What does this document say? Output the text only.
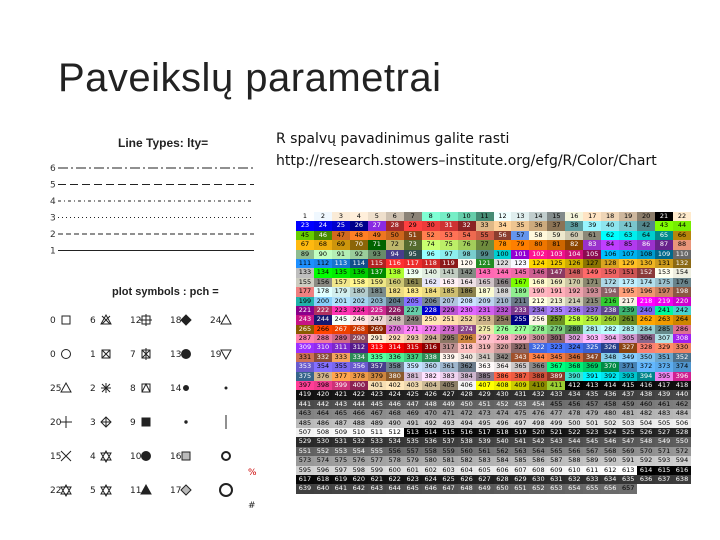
Paveikslų parametrai
R spalvų pavadinimus galite rasti
http://research.stowers–institute.org/efg/R/Color/Chart
Line Types: lty=
6
5
4
3
2
1
plot symbols : pch =
0	6	12	18	24
0	1	7	13	19
25	2	8	14
20	3	9
15	4	10	16
22	5	11	17
%
#
1	2	3	4	5	6	7	8	9	10	11	12	13	14	15	16	17	18	19	20	21	22
23	24	25	26	27	28	29	30	31	32	33	34	35	36	37	38	39	40	41	42	43	44
45	46	47	48	49	50	51	52	53	54	55	56	57	58	59	60	61	62	63	64	65	66
67	68	69	70	71	72	73	74	75	76	77	78	79	80	81	82	83	84	85	86	87	88
89	90	91	92	93	94	95	96	97	98	99	100 101 102 103 104 105 106 107 108 109 110
111 112 113 114 115 116 117 118 119 120 121 122 123 124 125 126 127 128 129 130 131 132
133 134 135 136 137 138 139 140 141 142 143 144 145 146 147 148 149 150 151 152 153 154
155 156 157 158 159 160 161 162 163 164 165 166 167 168 169 170 171 172 173 174 175 176
177 178 179 180 181 182 183 184 185 186 187 188 189 190 191 192 193 194 195 196 197 198
199 200 201 202 203 204 205 206 207 208 209 210 211 212 213 214 215 216 217 218 219 220
221 222 223 224 225 226 227 228 229 230 231 232 233 234 235 236 237 238 239 240 241 242
243 244 245 246 247 248 249 250 251 252 253 254 255 256 257 258 259 260 261 262 263 264
265 266 267 268 269 270 271 272 273 274 275 276 277 278 279 280 281 282 283 284 285 286
287 288 289 290 291 292 293 294 295 296 297 298 299 300 301 302 303 304 305 306 307 308
309 310 311 312 313 314 315 316 317 318 319 320 321 322 323 324 325 326 327 328 329 330
331 332 333 334 335 336 337 338 339 340 341 342 343 344 345 346 347 348 349 350 351 352
353 354 355 356 357 358 359 360 361 362 363 364 365 366 367 368 369 370 371 372 373 374
375 376 377 378 379 380 381 382 383 384 385 386 387 388 389 390 391 392 393 394 395 396
397 398 399 400 401 402 403 404 405 406 407 408 409 410 411 412 413 414 415 416 417 418
419 420 421 422 423 424 425 426 427 428 429 430 431 432 433 434 435 436 437 438 439 440
441 442 443 444 445 446 447 448 449 450 451 452 453 454 455 456 457 458 459 460 461 462
463 464 465 466 467 468 469 470 471 472 473 474 475 476 477 478 479 480 481 482 483 484
485 486 487 488 489 490 491 492 493 494 495 496 497 498 499 500 501 502 503 504 505 506
507 508 509 510 511 512 513 514 515 516 517 518 519 520 521 522 523 524 525 526 527 528
529 530 531 532 533 534 535 536 537 538 539 540 541 542 543 544 545 546 547 548 549 550
551 552 553 554 555 556 557 558 559 560 561 562 563 564 565 566 567 568 569 570 571 572
573 574 575 576 577 578 579 580 581 582 583 584 585 586 587 588 589 590 591 592 593 594
595 596 597 598 599 600 601 602 603 604 605 606 607 608 609 610 611 612 613 614 615 616
617 618 619 620 621 622 623 624 625 626 627 628 629 630 631 632 633 634 635 636 637 638
639 640 641 642 643 644 645 646 647 648 649 650 651 652 653 654 655 656 657
